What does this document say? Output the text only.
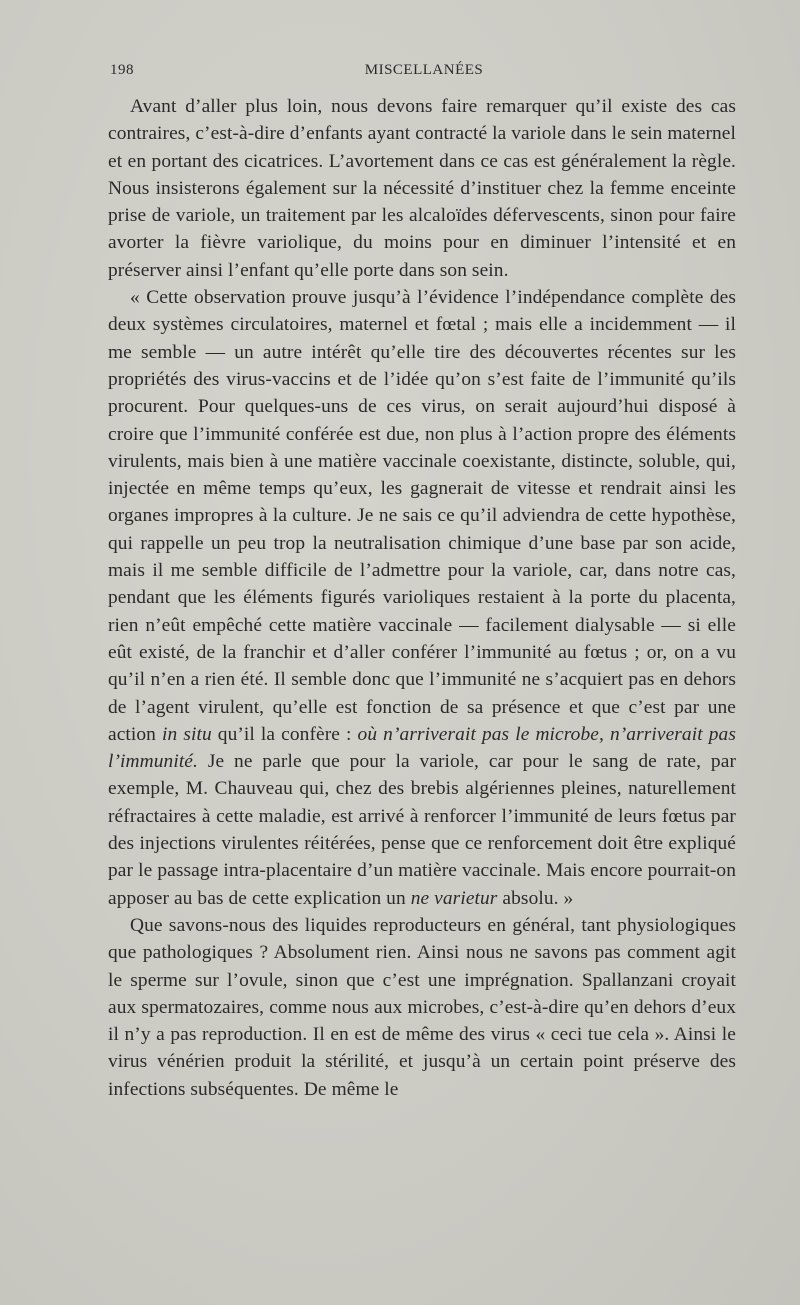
198	MISCELLANÉES

Avant d’aller plus loin, nous devons faire remarquer qu’il existe des cas contraires, c’est-à-dire d’enfants ayant contracté la variole dans le sein maternel et en portant des cicatrices. L’avortement dans ce cas est généralement la règle. Nous insisterons également sur la nécessité d’instituer chez la femme enceinte prise de variole, un traitement par les alcaloïdes défervescents, sinon pour faire avorter la fièvre variolique, du moins pour en diminuer l’intensité et en préserver ainsi l’enfant qu’elle porte dans son sein.

« Cette observation prouve jusqu’à l’évidence l’indépendance complète des deux systèmes circulatoires, maternel et fœtal ; mais elle a incidemment — il me semble — un autre intérêt qu’elle tire des découvertes récentes sur les propriétés des virus-vaccins et de l’idée qu’on s’est faite de l’immunité qu’ils procurent. Pour quelques-uns de ces virus, on serait aujourd’hui disposé à croire que l’immunité conférée est due, non plus à l’action propre des éléments virulents, mais bien à une matière vaccinale coexistante, distincte, soluble, qui, injectée en même temps qu’eux, les gagnerait de vitesse et rendrait ainsi les organes impropres à la culture. Je ne sais ce qu’il adviendra de cette hypothèse, qui rappelle un peu trop la neutralisation chimique d’une base par son acide, mais il me semble difficile de l’admettre pour la variole, car, dans notre cas, pendant que les éléments figurés varioliques restaient à la porte du placenta, rien n’eût empêché cette matière vaccinale — facilement dialysable — si elle eût existé, de la franchir et d’aller conférer l’immunité au fœtus ; or, on a vu qu’il n’en a rien été. Il semble donc que l’immunité ne s’acquiert pas en dehors de l’agent virulent, qu’elle est fonction de sa présence et que c’est par une action in situ qu’il la confère : où n’arriverait pas le microbe, n’arriverait pas l’immunité. Je ne parle que pour la variole, car pour le sang de rate, par exemple, M. Chauveau qui, chez des brebis algériennes pleines, naturellement réfractaires à cette maladie, est arrivé à renforcer l’immunité de leurs fœtus par des injections virulentes réitérées, pense que ce renforcement doit être expliqué par le passage intra-placentaire d’un matière vaccinale. Mais encore pourrait-on apposer au bas de cette explication un ne varietur absolu. »

Que savons-nous des liquides reproducteurs en général, tant physiologiques que pathologiques ? Absolument rien. Ainsi nous ne savons pas comment agit le sperme sur l’ovule, sinon que c’est une imprégnation. Spallanzani croyait aux spermatozaires, comme nous aux microbes, c’est-à-dire qu’en dehors d’eux il n’y a pas reproduction. Il en est de même des virus « ceci tue cela ». Ainsi le virus vénérien produit la stérilité, et jusqu’à un certain point préserve des infections subséquentes. De même le
